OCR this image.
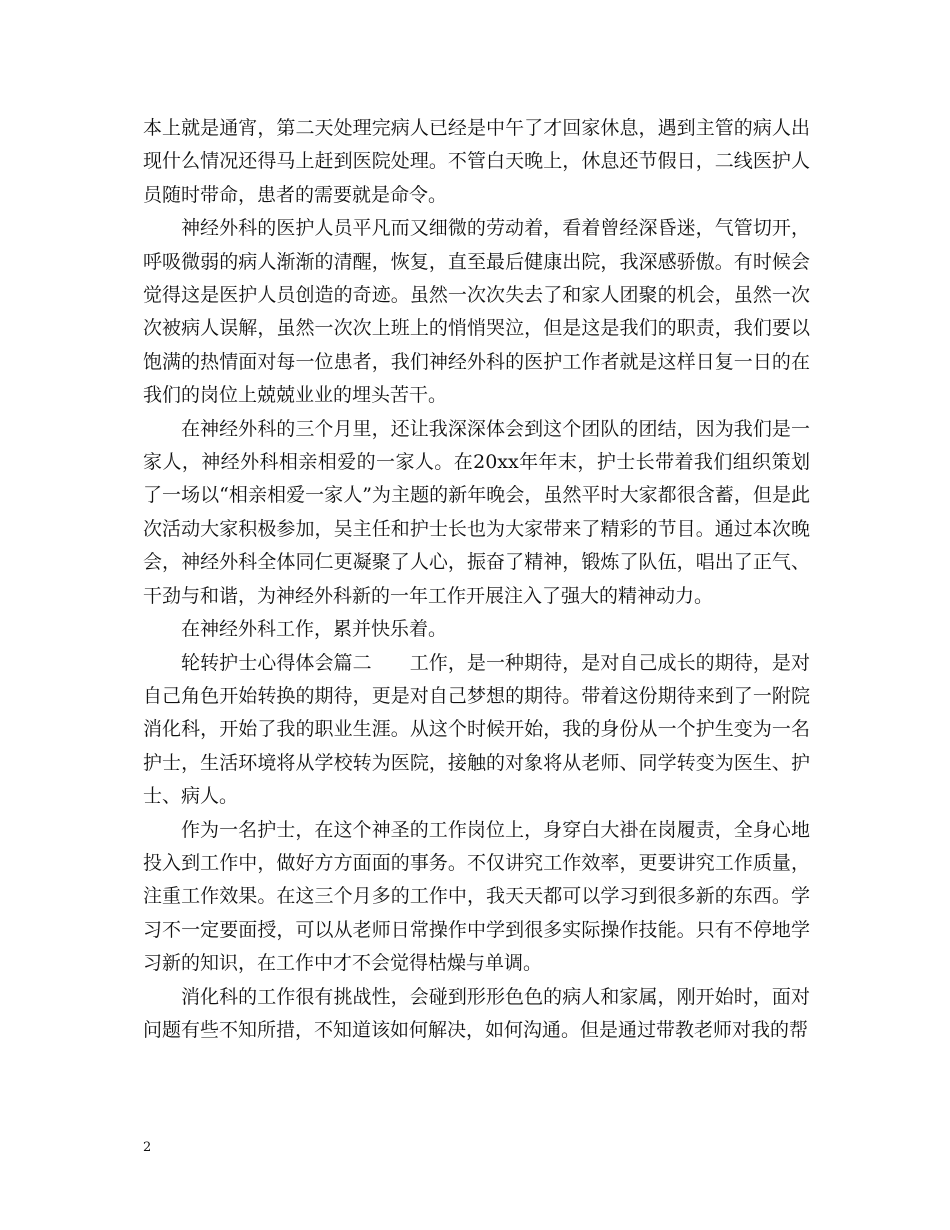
本上就是通宵，第二天处理完病人已经是中午了才回家休息，遇到主管的病人出现什么情况还得马上赶到医院处理。不管白天晚上，休息还节假日，二线医护人员随时带命，患者的需要就是命令。

神经外科的医护人员平凡而又细微的劳动着，看着曾经深昏迷，气管切开，呼吸微弱的病人渐渐的清醒，恢复，直至最后健康出院，我深感骄傲。有时候会觉得这是医护人员创造的奇迹。虽然一次次失去了和家人团聚的机会，虽然一次次被病人误解，虽然一次次上班上的悄悄哭泣，但是这是我们的职责，我们要以饱满的热情面对每一位患者，我们神经外科的医护工作者就是这样日复一日的在我们的岗位上兢兢业业的埋头苦干。

在神经外科的三个月里，还让我深深体会到这个团队的团结，因为我们是一家人，神经外科相亲相爱的一家人。在20xx年年末，护士长带着我们组织策划了一场以“相亲相爱一家人”为主题的新年晚会，虽然平时大家都很含蓄，但是此次活动大家积极参加，吴主任和护士长也为大家带来了精彩的节目。通过本次晚会，神经外科全体同仁更凝聚了人心，振奋了精神，锻炼了队伍，唱出了正气、干劲与和谐，为神经外科新的一年工作开展注入了强大的精神动力。

在神经外科工作，累并快乐着。

轮转护士心得体会篇二 工作，是一种期待，是对自己成长的期待，是对自己角色开始转换的期待，更是对自己梦想的期待。带着这份期待来到了一附院消化科，开始了我的职业生涯。从这个时候开始，我的身份从一个护生变为一名护士，生活环境将从学校转为医院，接触的对象将从老师、同学转变为医生、护士、病人。

作为一名护士，在这个神圣的工作岗位上，身穿白大褂在岗履责，全身心地投入到工作中，做好方方面面的事务。不仅讲究工作效率，更要讲究工作质量，注重工作效果。在这三个月多的工作中，我天天都可以学习到很多新的东西。学习不一定要面授，可以从老师日常操作中学到很多实际操作技能。只有不停地学习新的知识，在工作中才不会觉得枯燥与单调。

消化科的工作很有挑战性，会碰到形形色色的病人和家属，刚开始时，面对问题有些不知所措，不知道该如何解决，如何沟通。但是通过带教老师对我的帮

2
